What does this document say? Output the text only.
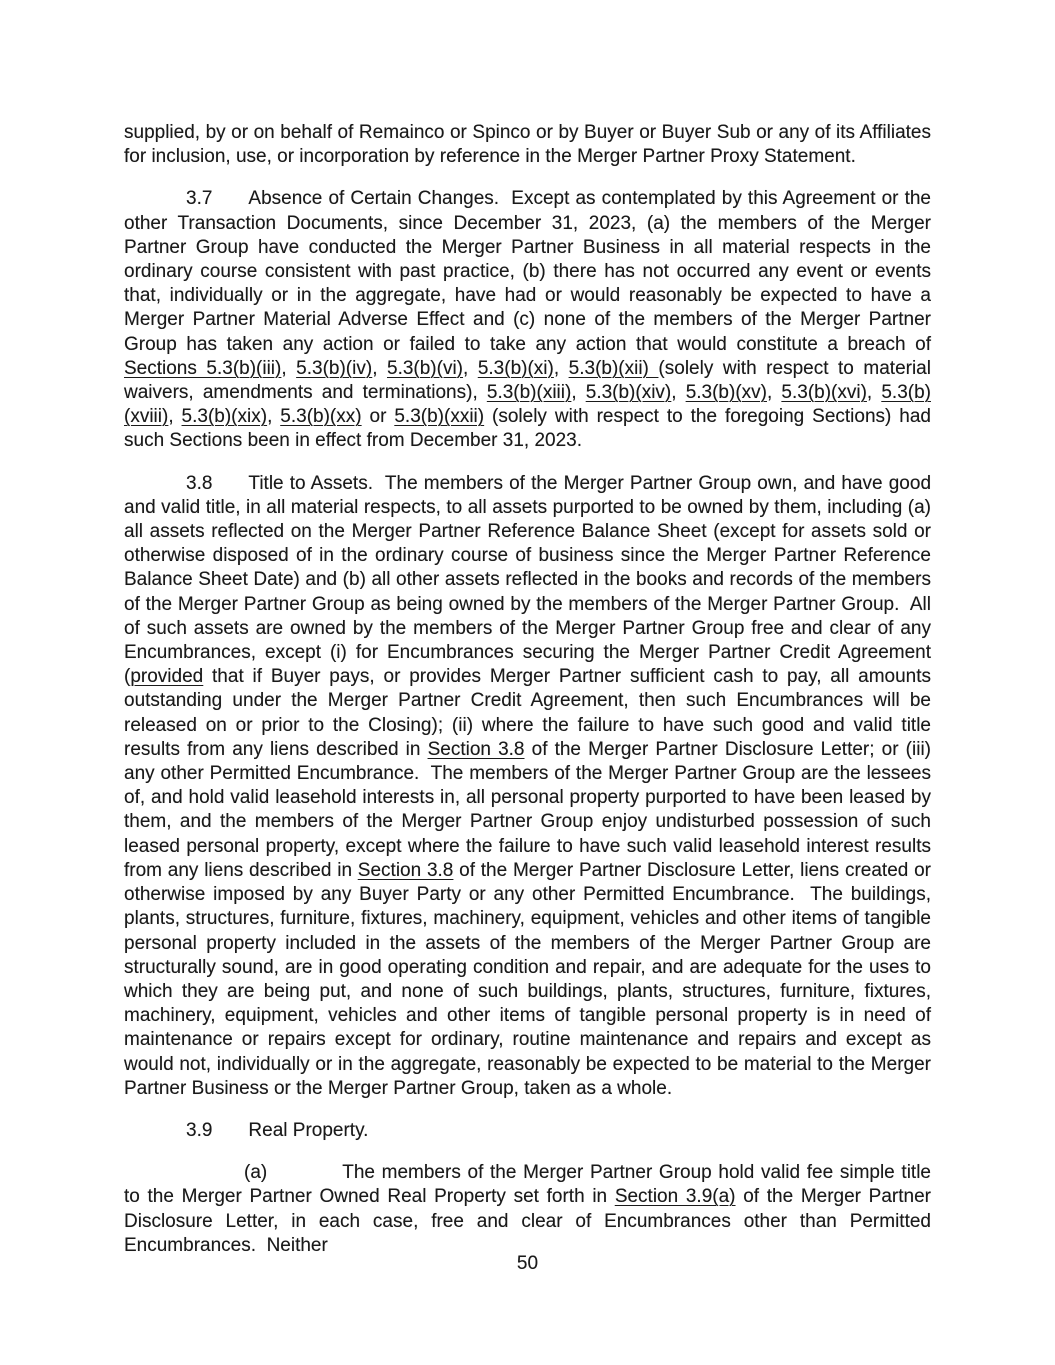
supplied, by or on behalf of Remainco or Spinco or by Buyer or Buyer Sub or any of its Affiliates for inclusion, use, or incorporation by reference in the Merger Partner Proxy Statement.

3.7 Absence of Certain Changes.  Except as contemplated by this Agreement or the other Transaction Documents, since December 31, 2023, (a) the members of the Merger Partner Group have conducted the Merger Partner Business in all material respects in the ordinary course consistent with past practice, (b) there has not occurred any event or events that, individually or in the aggregate, have had or would reasonably be expected to have a Merger Partner Material Adverse Effect and (c) none of the members of the Merger Partner Group has taken any action or failed to take any action that would constitute a breach of Sections 5.3(b)(iii), 5.3(b)(iv), 5.3(b)(vi), 5.3(b)(xi), 5.3(b)(xii) (solely with respect to material waivers, amendments and terminations), 5.3(b)(xiii), 5.3(b)(xiv), 5.3(b)(xv), 5.3(b)(xvi), 5.3(b)(xviii), 5.3(b)(xix), 5.3(b)(xx) or 5.3(b)(xxii) (solely with respect to the foregoing Sections) had such Sections been in effect from December 31, 2023.

3.8 Title to Assets.  The members of the Merger Partner Group own, and have good and valid title, in all material respects, to all assets purported to be owned by them, including (a) all assets reflected on the Merger Partner Reference Balance Sheet (except for assets sold or otherwise disposed of in the ordinary course of business since the Merger Partner Reference Balance Sheet Date) and (b) all other assets reflected in the books and records of the members of the Merger Partner Group as being owned by the members of the Merger Partner Group.  All of such assets are owned by the members of the Merger Partner Group free and clear of any Encumbrances, except (i) for Encumbrances securing the Merger Partner Credit Agreement (provided that if Buyer pays, or provides Merger Partner sufficient cash to pay, all amounts outstanding under the Merger Partner Credit Agreement, then such Encumbrances will be released on or prior to the Closing); (ii) where the failure to have such good and valid title results from any liens described in Section 3.8 of the Merger Partner Disclosure Letter; or (iii) any other Permitted Encumbrance.  The members of the Merger Partner Group are the lessees of, and hold valid leasehold interests in, all personal property purported to have been leased by them, and the members of the Merger Partner Group enjoy undisturbed possession of such leased personal property, except where the failure to have such valid leasehold interest results from any liens described in Section 3.8 of the Merger Partner Disclosure Letter, liens created or otherwise imposed by any Buyer Party or any other Permitted Encumbrance.  The buildings, plants, structures, furniture, fixtures, machinery, equipment, vehicles and other items of tangible personal property included in the assets of the members of the Merger Partner Group are structurally sound, are in good operating condition and repair, and are adequate for the uses to which they are being put, and none of such buildings, plants, structures, furniture, fixtures, machinery, equipment, vehicles and other items of tangible personal property is in need of maintenance or repairs except for ordinary, routine maintenance and repairs and except as would not, individually or in the aggregate, reasonably be expected to be material to the Merger Partner Business or the Merger Partner Group, taken as a whole.

3.9 Real Property.

(a)	The members of the Merger Partner Group hold valid fee simple title to the Merger Partner Owned Real Property set forth in Section 3.9(a) of the Merger Partner Disclosure Letter, in each case, free and clear of Encumbrances other than Permitted Encumbrances.  Neither

50
